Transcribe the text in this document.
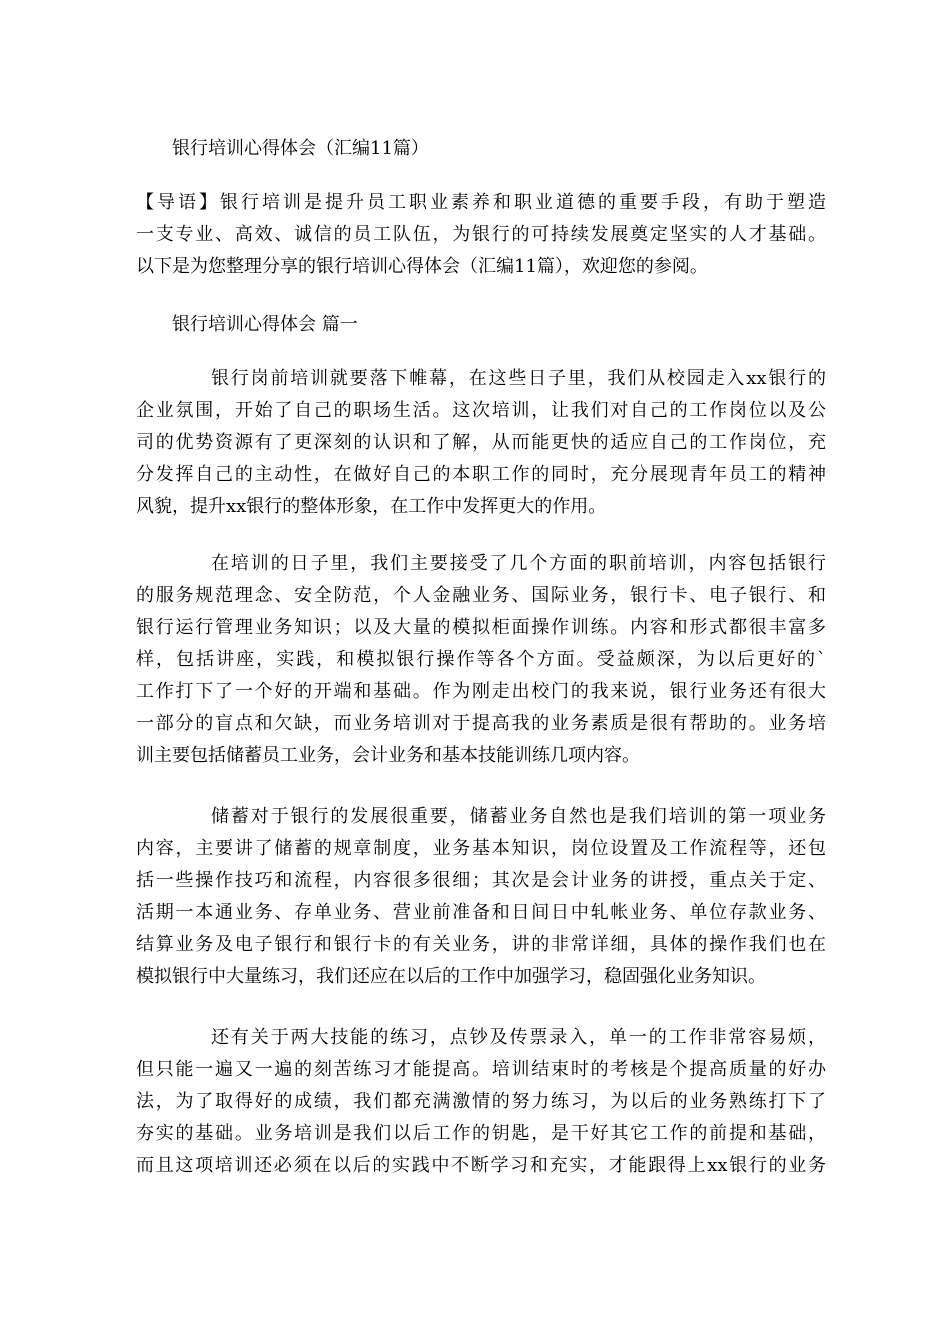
银行培训心得体会（汇编11篇）
【导语】银行培训是提升员工职业素养和职业道德的重要手段，有助于塑造
一支专业、高效、诚信的员工队伍，为银行的可持续发展奠定坚实的人才基础。
以下是为您整理分享的银行培训心得体会（汇编11篇），欢迎您的参阅。
银行培训心得体会 篇一
银行岗前培训就要落下帷幕，在这些日子里，我们从校园走入xx银行的
企业氛围，开始了自己的职场生活。这次培训，让我们对自己的工作岗位以及公
司的优势资源有了更深刻的认识和了解，从而能更快的适应自己的工作岗位，充
分发挥自己的主动性，在做好自己的本职工作的同时，充分展现青年员工的精神
风貌，提升xx银行的整体形象，在工作中发挥更大的作用。
在培训的日子里，我们主要接受了几个方面的职前培训，内容包括银行
的服务规范理念、安全防范，个人金融业务、国际业务，银行卡、电子银行、和
银行运行管理业务知识；以及大量的模拟柜面操作训练。内容和形式都很丰富多
样，包括讲座，实践，和模拟银行操作等各个方面。受益颇深，为以后更好的`
工作打下了一个好的开端和基础。作为刚走出校门的我来说，银行业务还有很大
一部分的盲点和欠缺，而业务培训对于提高我的业务素质是很有帮助的。业务培
训主要包括储蓄员工业务，会计业务和基本技能训练几项内容。
储蓄对于银行的发展很重要，储蓄业务自然也是我们培训的第一项业务
内容，主要讲了储蓄的规章制度，业务基本知识，岗位设置及工作流程等，还包
括一些操作技巧和流程，内容很多很细；其次是会计业务的讲授，重点关于定、
活期一本通业务、存单业务、营业前准备和日间日中轧帐业务、单位存款业务、
结算业务及电子银行和银行卡的有关业务，讲的非常详细，具体的操作我们也在
模拟银行中大量练习，我们还应在以后的工作中加强学习，稳固强化业务知识。
还有关于两大技能的练习，点钞及传票录入，单一的工作非常容易烦，
但只能一遍又一遍的刻苦练习才能提高。培训结束时的考核是个提高质量的好办
法，为了取得好的成绩，我们都充满激情的努力练习，为以后的业务熟练打下了
夯实的基础。业务培训是我们以后工作的钥匙，是干好其它工作的前提和基础，
而且这项培训还必须在以后的实践中不断学习和充实，才能跟得上xx银行的业务
